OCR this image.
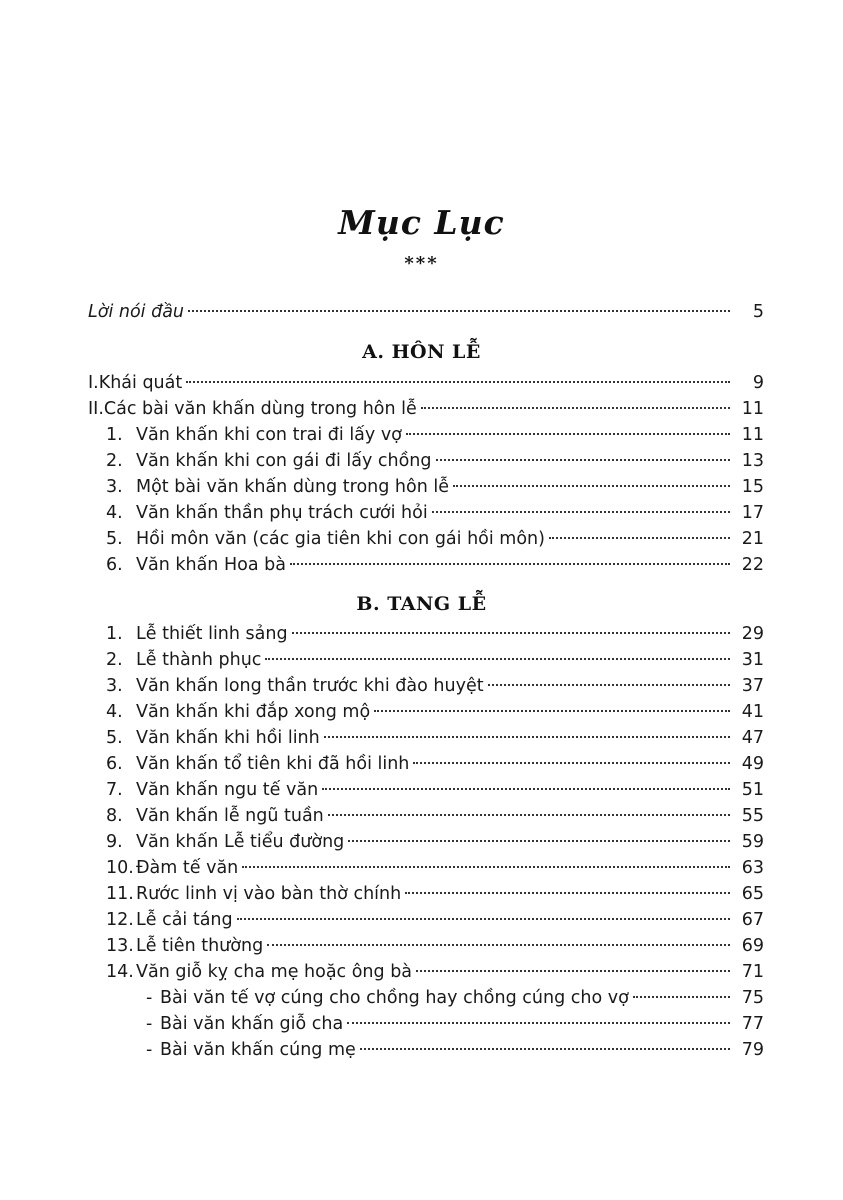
Mục Lục
***
Lời nói đầu	5
A. HÔN LỄ
I. Khái quát	9
II. Các bài văn khấn dùng trong hôn lễ	11
1. Văn khấn khi con trai đi lấy vợ	11
2. Văn khấn khi con gái đi lấy chồng	13
3. Một bài văn khấn dùng trong hôn lễ	15
4. Văn khấn thần phụ trách cưới hỏi	17
5. Hồi môn văn (các gia tiên khi con gái hồi môn)	21
6. Văn khấn Hoa bà	22
B. TANG LỄ
1. Lễ thiết linh sảng	29
2. Lễ thành phục	31
3. Văn khấn long thần trước khi đào huyệt	37
4. Văn khấn khi đắp xong mộ	41
5. Văn khấn khi hồi linh	47
6. Văn khấn tổ tiên khi đã hồi linh	49
7. Văn khấn ngu tế văn	51
8. Văn khấn lễ ngũ tuần	55
9. Văn khấn Lễ tiểu đường	59
10. Đàm tế văn	63
11. Rước linh vị vào bàn thờ chính	65
12. Lễ cải táng	67
13. Lễ tiên thường	69
14. Văn giỗ kỵ cha mẹ hoặc ông bà	71
- Bài văn tế vợ cúng cho chồng hay chồng cúng cho vợ	75
- Bài văn khấn giỗ cha	77
- Bài văn khấn cúng mẹ	79
